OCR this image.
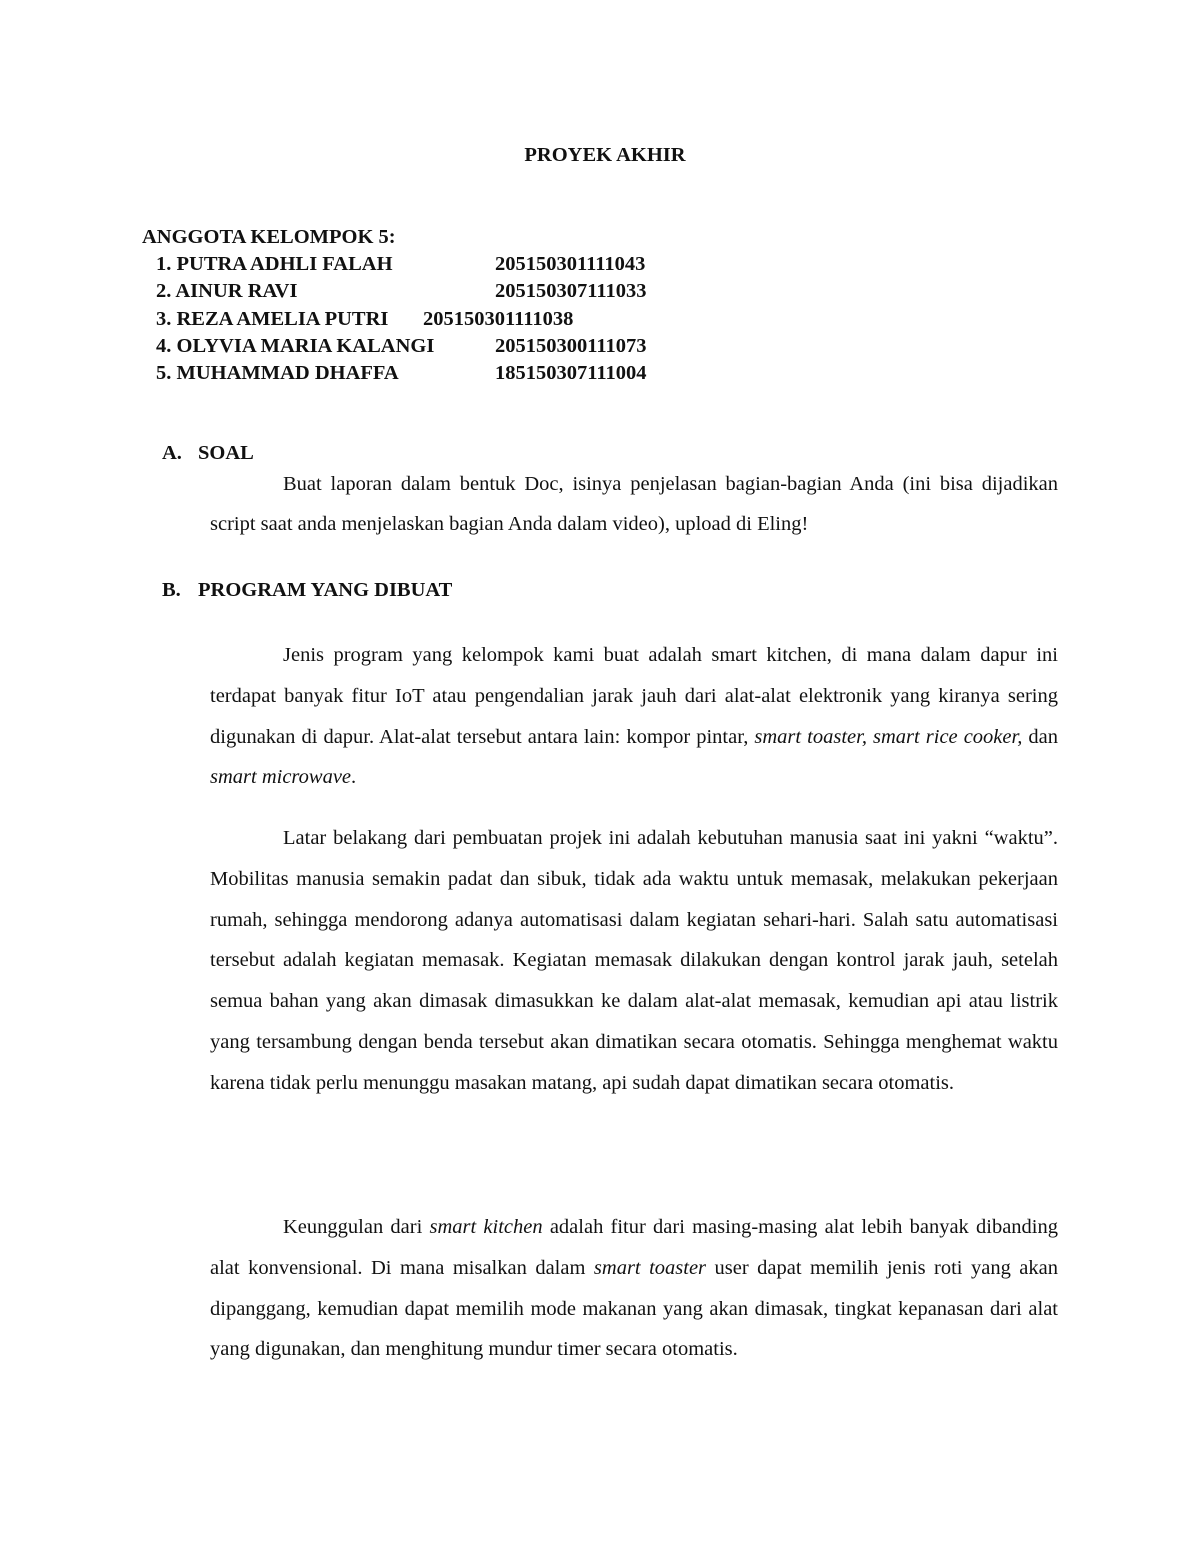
PROYEK AKHIR
ANGGOTA KELOMPOK 5:
1. PUTRA ADHLI FALAH	205150301111043
2. AINUR RAVI	205150307111033
3. REZA AMELIA PUTRI 205150301111038
4. OLYVIA MARIA KALANGI	205150300111073
5. MUHAMMAD DHAFFA	185150307111004
A. SOAL

Buat laporan dalam bentuk Doc, isinya penjelasan bagian-bagian Anda (ini bisa dijadikan script saat anda menjelaskan bagian Anda dalam video), upload di Eling!

B. PROGRAM YANG DIBUAT

Jenis program yang kelompok kami buat adalah smart kitchen, di mana dalam dapur ini terdapat banyak fitur IoT atau pengendalian jarak jauh dari alat-alat elektronik yang kiranya sering digunakan di dapur. Alat-alat tersebut antara lain: kompor pintar, smart toaster, smart rice cooker, dan smart microwave.

Latar belakang dari pembuatan projek ini adalah kebutuhan manusia saat ini yakni “waktu”. Mobilitas manusia semakin padat dan sibuk, tidak ada waktu untuk memasak, melakukan pekerjaan rumah, sehingga mendorong adanya automatisasi dalam kegiatan sehari-hari. Salah satu automatisasi tersebut adalah kegiatan memasak. Kegiatan memasak dilakukan dengan kontrol jarak jauh, setelah semua bahan yang akan dimasak dimasukkan ke dalam alat-alat memasak, kemudian api atau listrik yang tersambung dengan benda tersebut akan dimatikan secara otomatis. Sehingga menghemat waktu karena tidak perlu menunggu masakan matang, api sudah dapat dimatikan secara otomatis.

Keunggulan dari smart kitchen adalah fitur dari masing-masing alat lebih banyak dibanding alat konvensional. Di mana misalkan dalam smart toaster user dapat memilih jenis roti yang akan dipanggang, kemudian dapat memilih mode makanan yang akan dimasak, tingkat kepanasan dari alat yang digunakan, dan menghitung mundur timer secara otomatis.
